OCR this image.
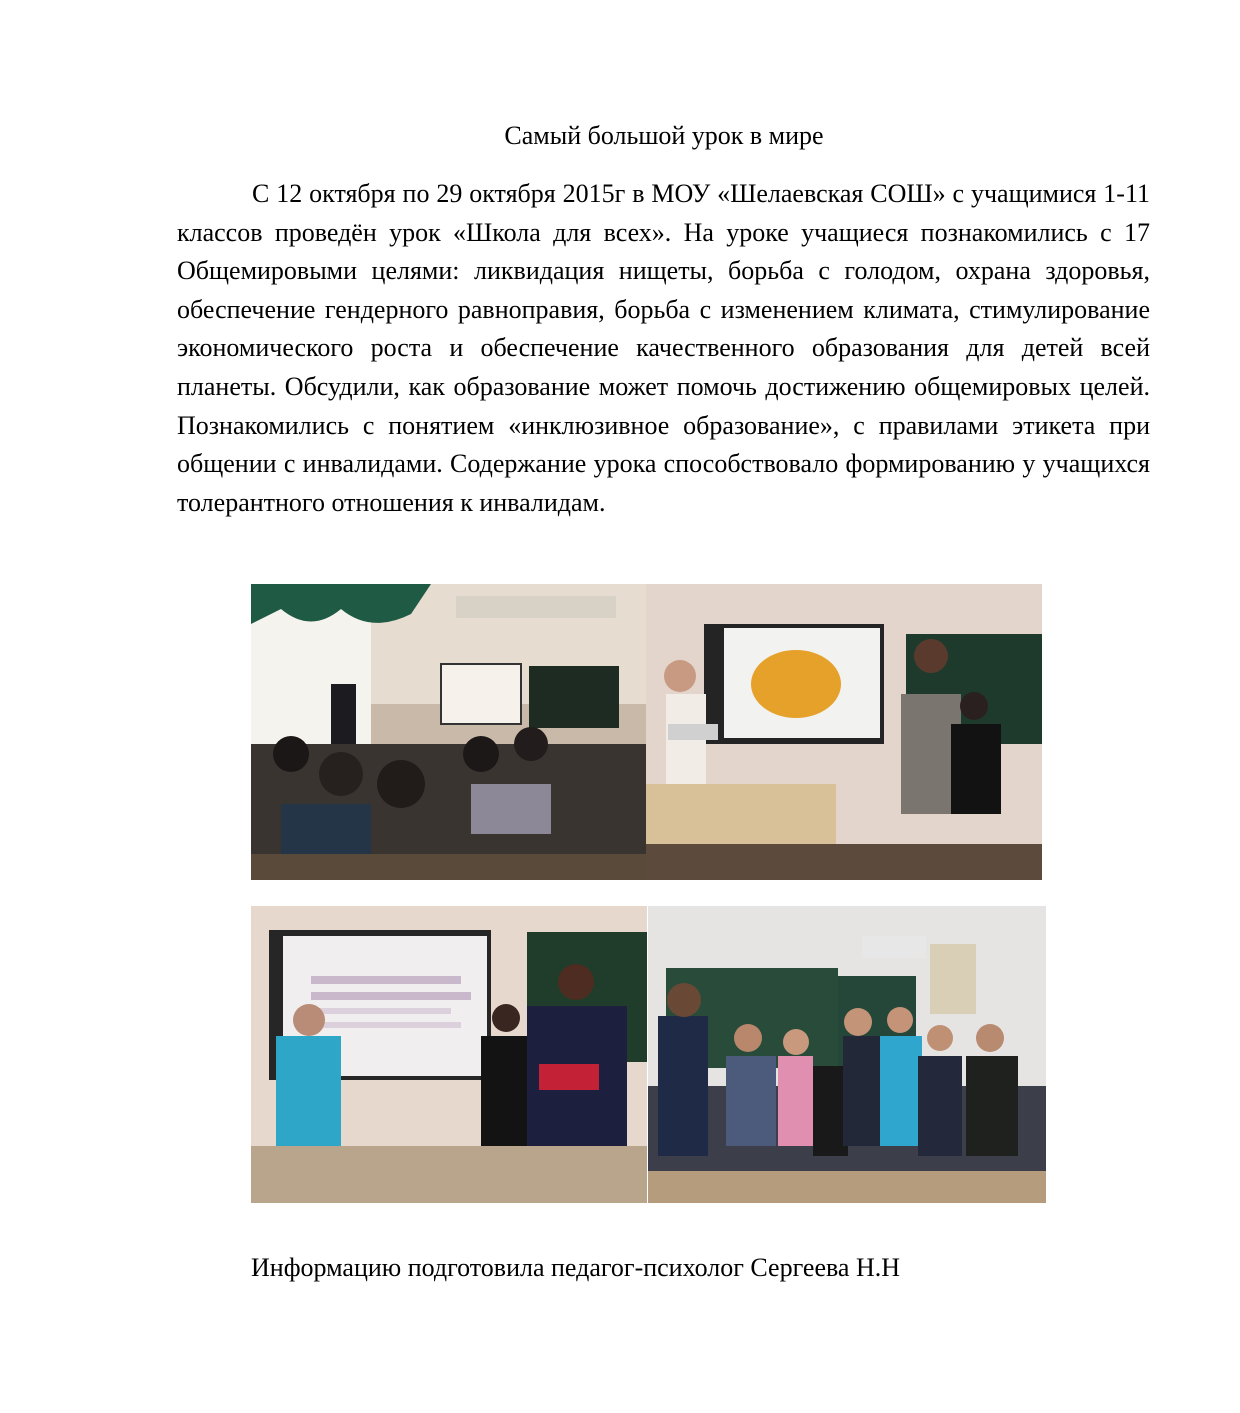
Самый большой урок в мире

С 12 октября по 29 октября 2015г в МОУ «Шелаевская СОШ» с учащимися 1-11 классов проведён урок «Школа для всех». На уроке учащиеся познакомились с 17 Общемировыми целями: ликвидация нищеты, борьба с голодом, охрана здоровья, обеспечение гендерного равноправия, борьба с изменением климата, стимулирование экономического роста и обеспечение качественного образования для детей всей планеты. Обсудили, как образование может помочь достижению общемировых целей. Познакомились с понятием «инклюзивное образование», с правилами этикета при общении с инвалидами. Содержание урока способствовало формированию у учащихся толерантного отношения к инвалидам.

Информацию подготовила педагог-психолог Сергеева Н.Н
